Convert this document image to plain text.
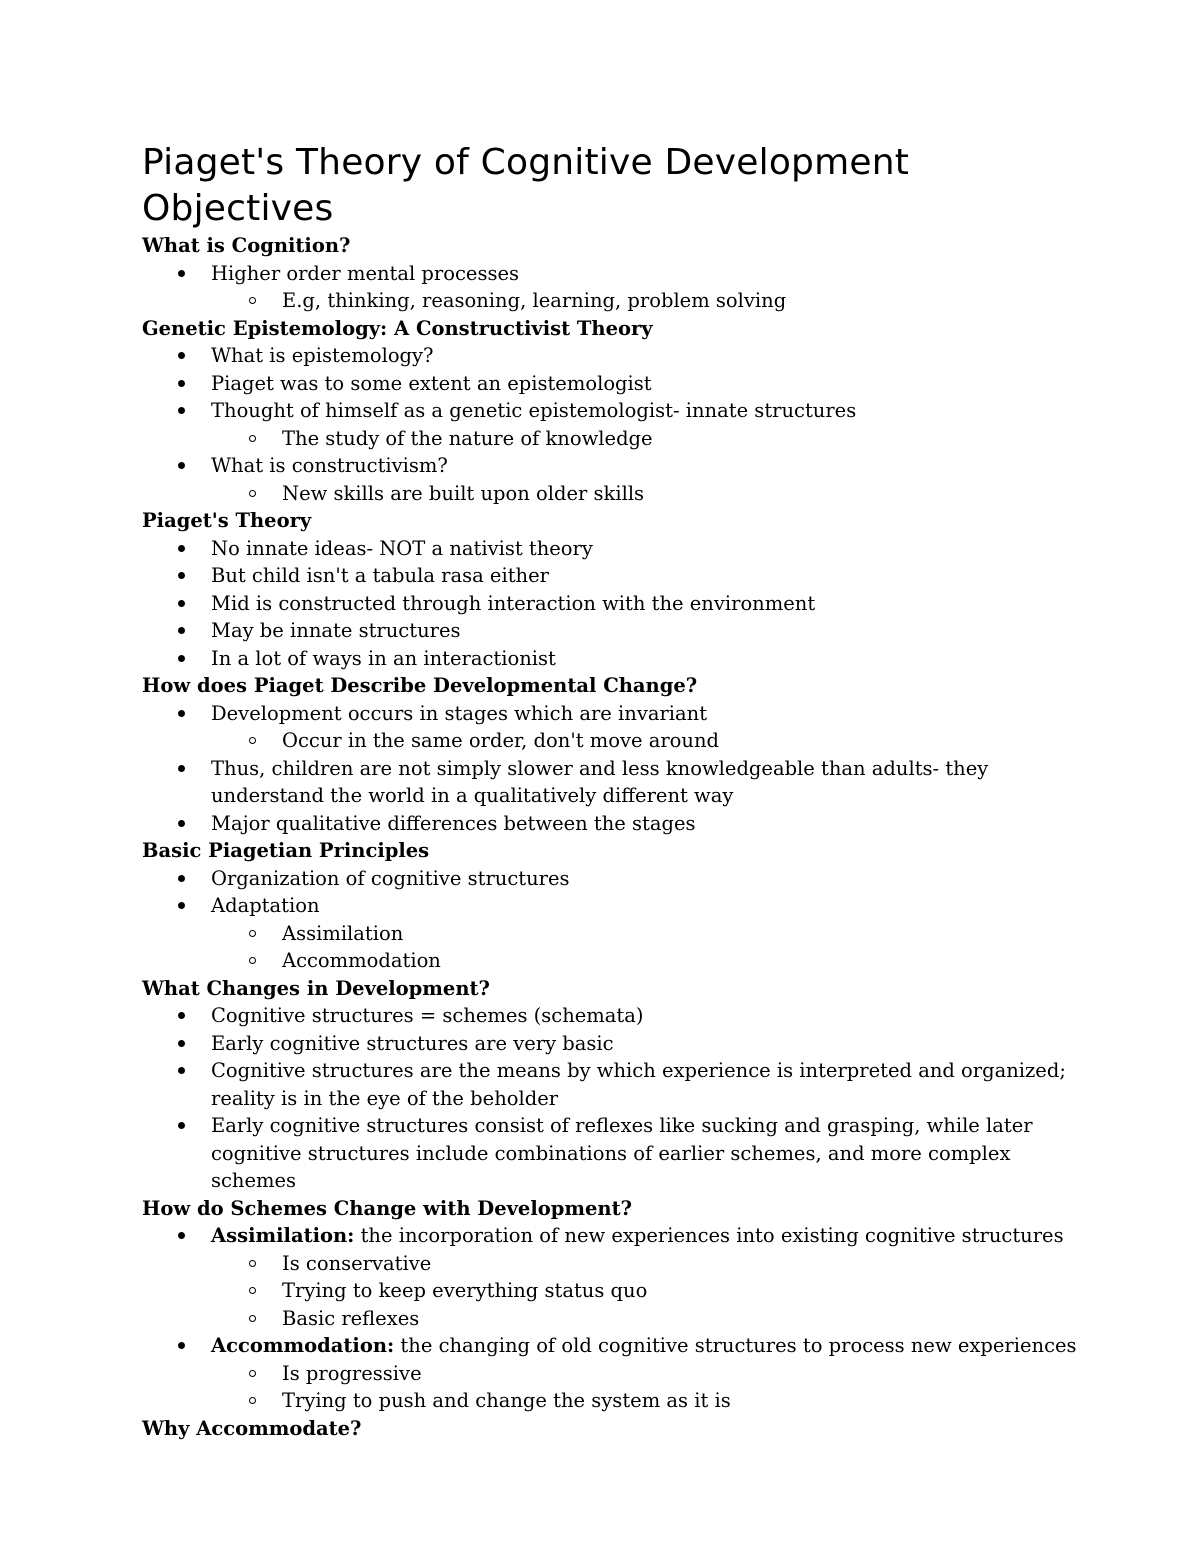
Piaget's Theory of Cognitive Development Objectives
What is Cognition?
Higher order mental processes
E.g, thinking, reasoning, learning, problem solving
Genetic Epistemology: A Constructivist Theory
What is epistemology?
Piaget was to some extent an epistemologist
Thought of himself as a genetic epistemologist- innate structures
The study of the nature of knowledge
What is constructivism?
New skills are built upon older skills
Piaget's Theory
No innate ideas- NOT a nativist theory
But child isn't a tabula rasa either
Mid is constructed through interaction with the environment
May be innate structures
In a lot of ways in an interactionist
How does Piaget Describe Developmental Change?
Development occurs in stages which are invariant
Occur in the same order, don't move around
Thus, children are not simply slower and less knowledgeable than adults- they understand the world in a qualitatively different way
Major qualitative differences between the stages
Basic Piagetian Principles
Organization of cognitive structures
Adaptation
Assimilation
Accommodation
What Changes in Development?
Cognitive structures = schemes (schemata)
Early cognitive structures are very basic
Cognitive structures are the means by which experience is interpreted and organized; reality is in the eye of the beholder
Early cognitive structures consist of reflexes like sucking and grasping, while later cognitive structures include combinations of earlier schemes, and more complex schemes
How do Schemes Change with Development?
Assimilation: the incorporation of new experiences into existing cognitive structures
Is conservative
Trying to keep everything status quo
Basic reflexes
Accommodation: the changing of old cognitive structures to process new experiences
Is progressive
Trying to push and change the system as it is
Why Accommodate?
